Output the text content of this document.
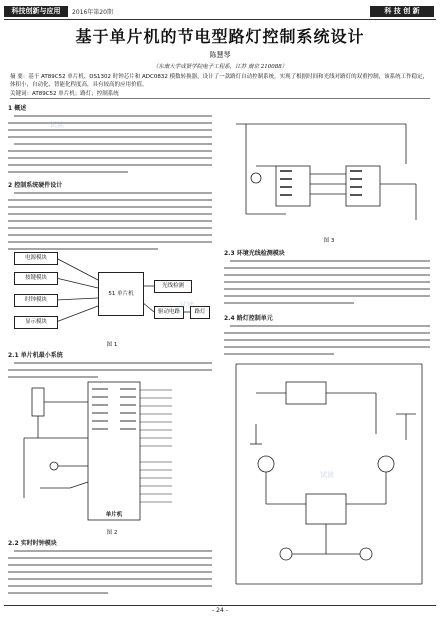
科技创新与应用	2016年第20期	科 技 创 新
基于单片机的节电型路灯控制系统设计
陈慧琴
（东南大学成贤学院电子工程系，江苏 南京 210088）
摘 要：基于 AT89C52 单片机、DS1302 时钟芯片和 ADC0832 模数转换器，设计了一款路灯自动控制系统，实现了根据时间和光线对路灯的双重控制，该系统工作稳定，体积小，自动化、智能化程度高，具有较高的应用价值。
关键词：AT89C52 单片机；路灯；控制系统
1 概述
2 控制系统硬件设计
电源模块
按键模块
时钟模块
显示模块
51 单片机
光线检测
驱动电路	路灯
图 1
2.1 单片机最小系统
单片机
图 2
2.2 实时时钟模块
图 3
2.3 环境光线检测模块
2.4 路灯控制单元
试读
试读
试读
- 24 -
